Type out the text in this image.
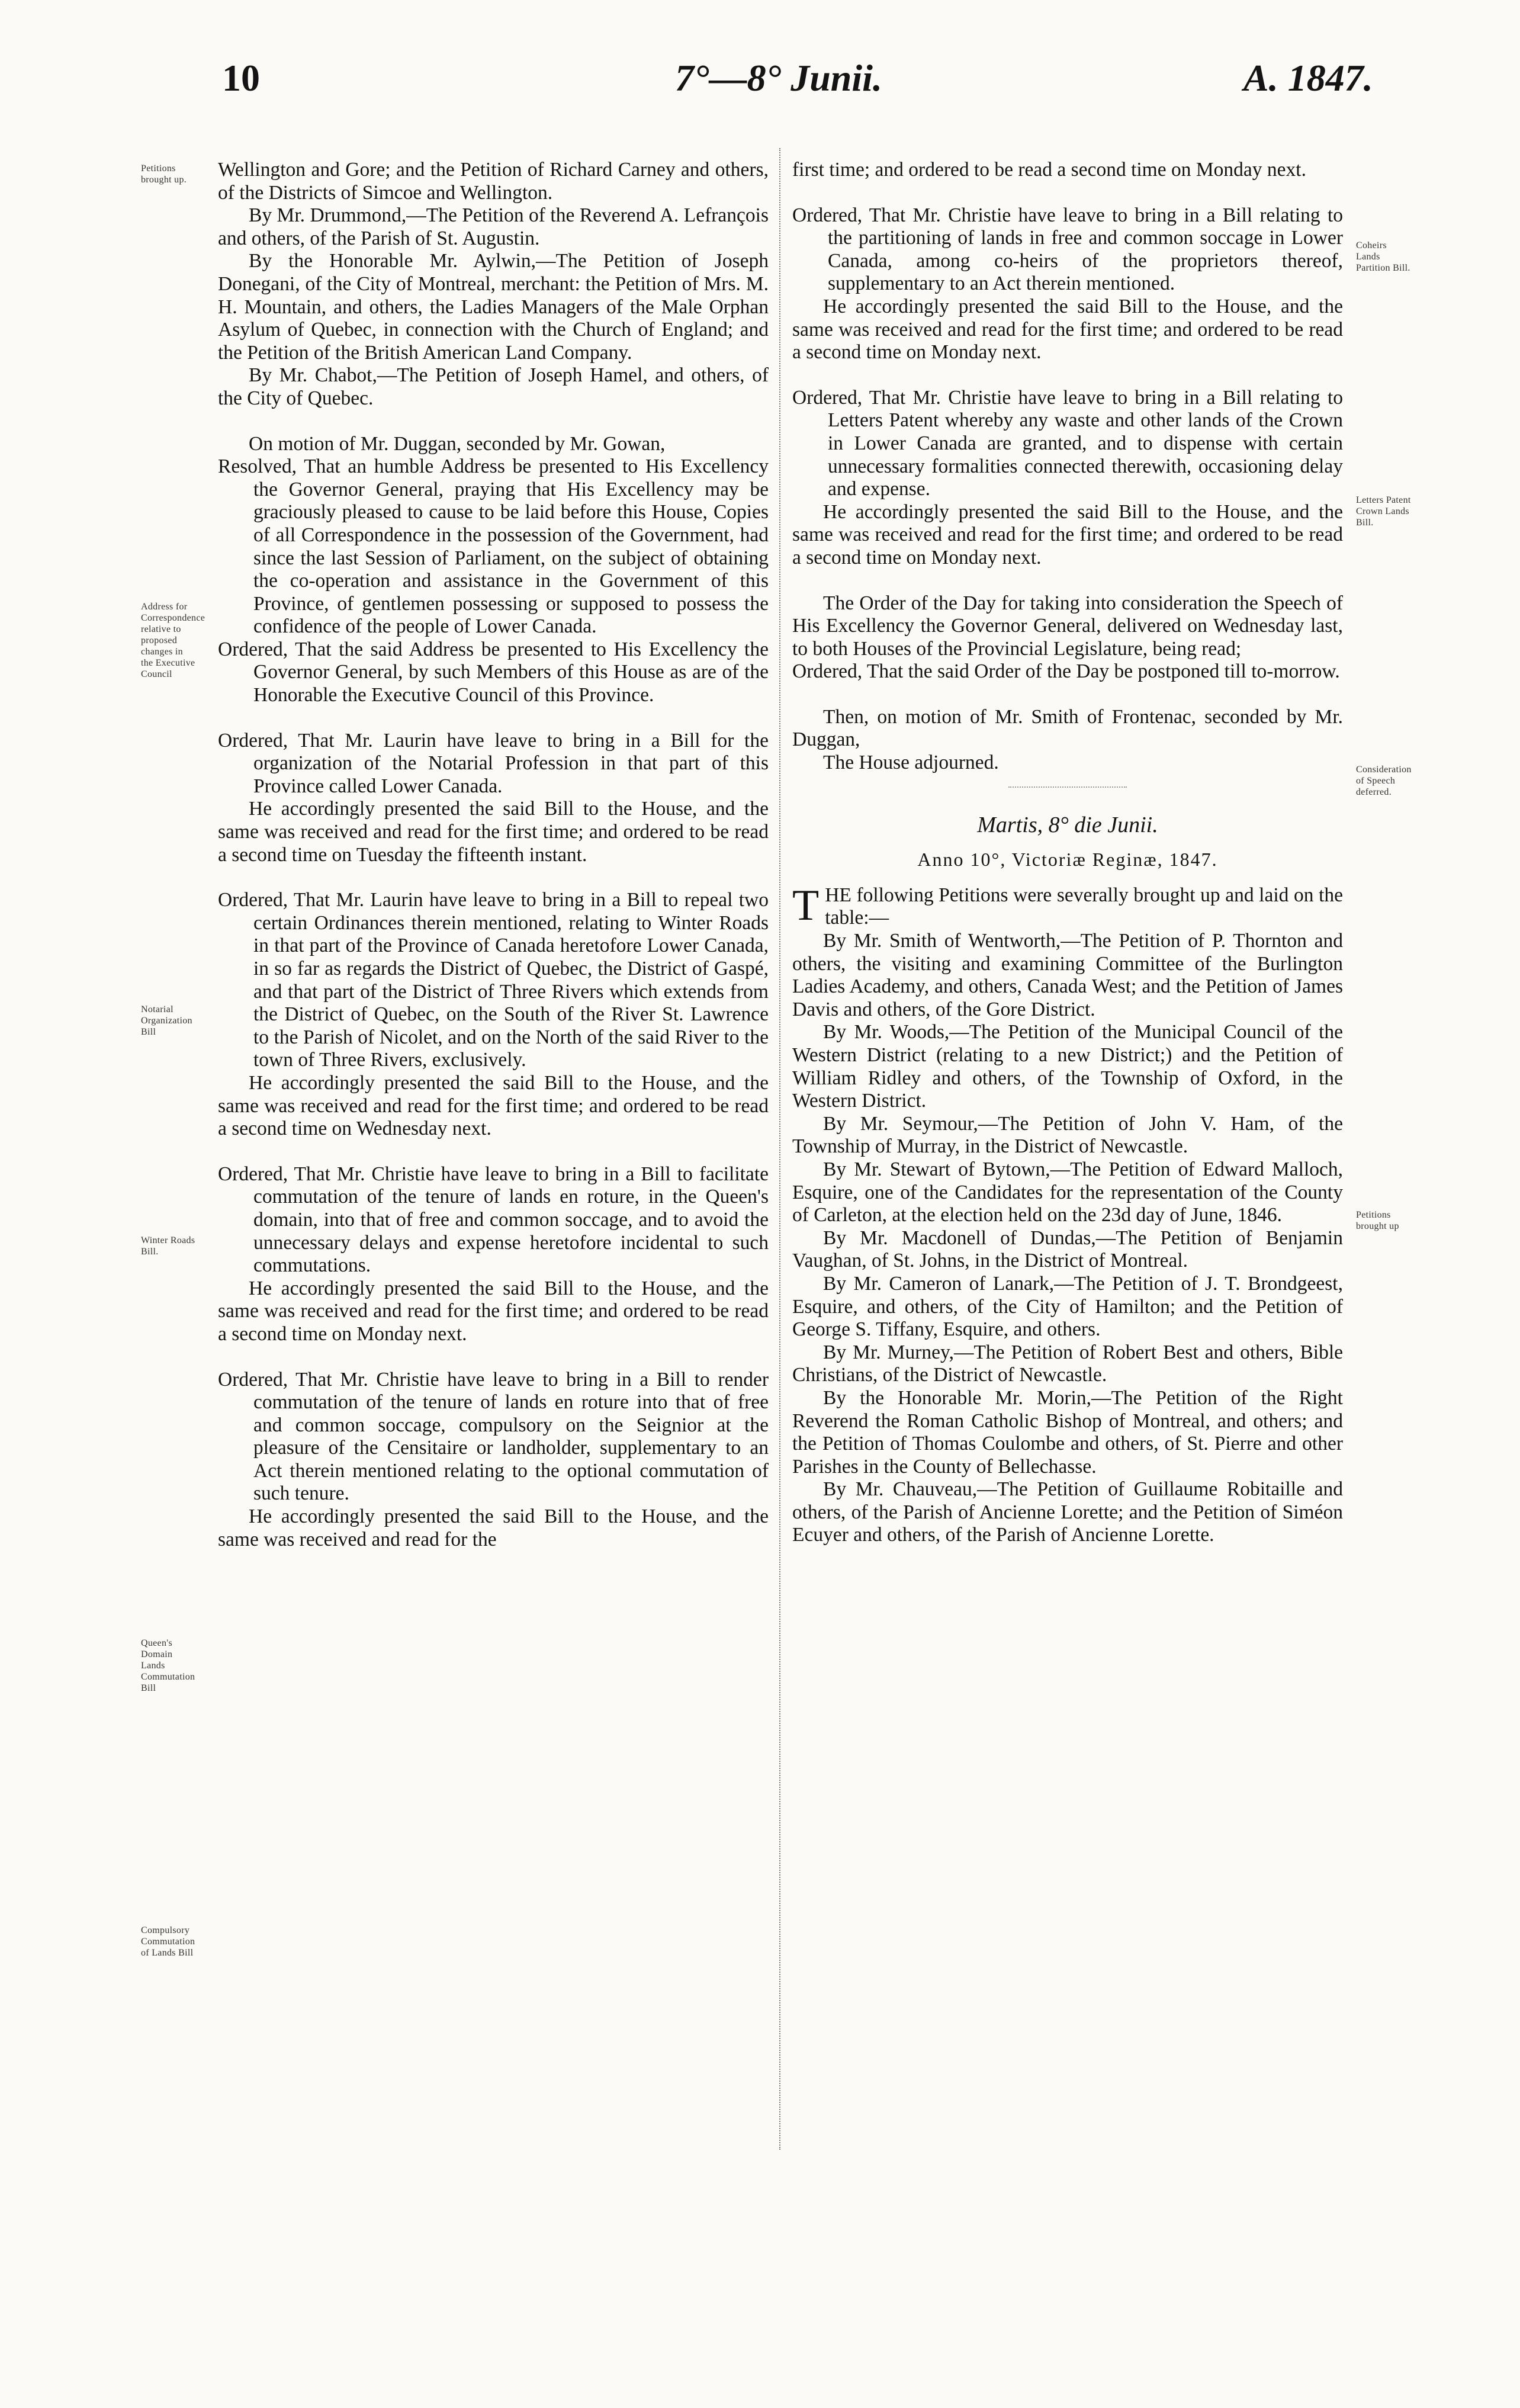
10	7°—8° Junii.	A. 1847.
Petitions brought up.
Address for Correspondence relative to proposed changes in the Executive Council
Notarial Organization Bill
Winter Roads Bill.
Queen's Domain Lands Commutation Bill
Compulsory Commutation of Lands Bill
Coheirs Lands Partition Bill.
Letters Patent Crown Lands Bill.
Consideration of Speech deferred.
Petitions brought up

Wellington and Gore; and the Petition of Richard Carney and others, of the Districts of Simcoe and Wellington.

By Mr. Drummond,—The Petition of the Reverend A. Lefrançois and others, of the Parish of St. Augustin.

By the Honorable Mr. Aylwin,—The Petition of Joseph Donegani, of the City of Montreal, merchant: the Petition of Mrs. M. H. Mountain, and others, the Ladies Managers of the Male Orphan Asylum of Quebec, in connection with the Church of England; and the Petition of the British American Land Company.

By Mr. Chabot,—The Petition of Joseph Hamel, and others, of the City of Quebec.

On motion of Mr. Duggan, seconded by Mr. Gowan,

Resolved, That an humble Address be presented to His Excellency the Governor General, praying that His Excellency may be graciously pleased to cause to be laid before this House, Copies of all Correspondence in the possession of the Government, had since the last Session of Parliament, on the subject of obtaining the co-operation and assistance in the Government of this Province, of gentlemen possessing or supposed to possess the confidence of the people of Lower Canada.

Ordered, That the said Address be presented to His Excellency the Governor General, by such Members of this House as are of the Honorable the Executive Council of this Province.

Ordered, That Mr. Laurin have leave to bring in a Bill for the organization of the Notarial Profession in that part of this Province called Lower Canada.

He accordingly presented the said Bill to the House, and the same was received and read for the first time; and ordered to be read a second time on Tuesday the fifteenth instant.

Ordered, That Mr. Laurin have leave to bring in a Bill to repeal two certain Ordinances therein mentioned, relating to Winter Roads in that part of the Province of Canada heretofore Lower Canada, in so far as regards the District of Quebec, the District of Gaspé, and that part of the District of Three Rivers which extends from the District of Quebec, on the South of the River St. Lawrence to the Parish of Nicolet, and on the North of the said River to the town of Three Rivers, exclusively.

He accordingly presented the said Bill to the House, and the same was received and read for the first time; and ordered to be read a second time on Wednesday next.

Ordered, That Mr. Christie have leave to bring in a Bill to facilitate commutation of the tenure of lands en roture, in the Queen's domain, into that of free and common soccage, and to avoid the unnecessary delays and expense heretofore incidental to such commutations.

He accordingly presented the said Bill to the House, and the same was received and read for the first time; and ordered to be read a second time on Monday next.

Ordered, That Mr. Christie have leave to bring in a Bill to render commutation of the tenure of lands en roture into that of free and common soccage, compulsory on the Seignior at the pleasure of the Censitaire or landholder, supplementary to an Act therein mentioned relating to the optional commutation of such tenure.

He accordingly presented the said Bill to the House, and the same was received and read for the

first time; and ordered to be read a second time on Monday next.

Ordered, That Mr. Christie have leave to bring in a Bill relating to the partitioning of lands in free and common soccage in Lower Canada, among co-heirs of the proprietors thereof, supplementary to an Act therein mentioned.

He accordingly presented the said Bill to the House, and the same was received and read for the first time; and ordered to be read a second time on Monday next.

Ordered, That Mr. Christie have leave to bring in a Bill relating to Letters Patent whereby any waste and other lands of the Crown in Lower Canada are granted, and to dispense with certain unnecessary formalities connected therewith, occasioning delay and expense.

He accordingly presented the said Bill to the House, and the same was received and read for the first time; and ordered to be read a second time on Monday next.

The Order of the Day for taking into consideration the Speech of His Excellency the Governor General, delivered on Wednesday last, to both Houses of the Provincial Legislature, being read;

Ordered, That the said Order of the Day be postponed till to-morrow.

Then, on motion of Mr. Smith of Frontenac, seconded by Mr. Duggan,

The House adjourned.

Martis, 8° die Junii.
Anno 10°, Victoriæ Reginæ, 1847.

THE following Petitions were severally brought up and laid on the table:—

By Mr. Smith of Wentworth,—The Petition of P. Thornton and others, the visiting and examining Committee of the Burlington Ladies Academy, and others, Canada West; and the Petition of James Davis and others, of the Gore District.

By Mr. Woods,—The Petition of the Municipal Council of the Western District (relating to a new District;) and the Petition of William Ridley and others, of the Township of Oxford, in the Western District.

By Mr. Seymour,—The Petition of John V. Ham, of the Township of Murray, in the District of Newcastle.

By Mr. Stewart of Bytown,—The Petition of Edward Malloch, Esquire, one of the Candidates for the representation of the County of Carleton, at the election held on the 23d day of June, 1846.

By Mr. Macdonell of Dundas,—The Petition of Benjamin Vaughan, of St. Johns, in the District of Montreal.

By Mr. Cameron of Lanark,—The Petition of J. T. Brondgeest, Esquire, and others, of the City of Hamilton; and the Petition of George S. Tiffany, Esquire, and others.

By Mr. Murney,—The Petition of Robert Best and others, Bible Christians, of the District of Newcastle.

By the Honorable Mr. Morin,—The Petition of the Right Reverend the Roman Catholic Bishop of Montreal, and others; and the Petition of Thomas Coulombe and others, of St. Pierre and other Parishes in the County of Bellechasse.

By Mr. Chauveau,—The Petition of Guillaume Robitaille and others, of the Parish of Ancienne Lorette; and the Petition of Siméon Ecuyer and others, of the Parish of Ancienne Lorette.
